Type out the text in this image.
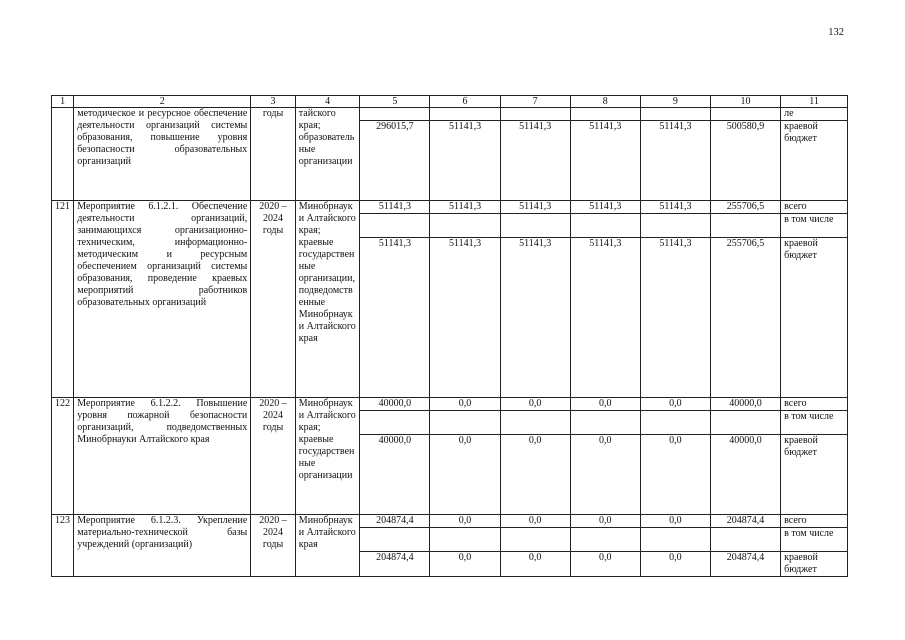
132
1	2	3	4	5	6	7	8	9	10	11
	методическое и ресурсное обеспечение деятельности организаций системы образования, повышение уровня безопасности образовательных организаций	годы	тайского края; образовательные организации							ле
				296015,7	51141,3	51141,3	51141,3	51141,3	500580,9	краевой бюджет
121	Мероприятие 6.1.2.1. Обеспечение деятельности организаций, занимающихся организационно-техническим, информационно-методическим и ресурсным обеспечением организаций системы образования, проведение краевых мероприятий работников образовательных организаций	2020 – 2024 годы	Минобрнауки Алтайского края; краевые государственные организации, подведомственные Минобрнауки Алтайского края	51141,3	51141,3	51141,3	51141,3	51141,3	255706,5	всего
										в том числе
				51141,3	51141,3	51141,3	51141,3	51141,3	255706,5	краевой бюджет
122	Мероприятие 6.1.2.2. Повышение уровня пожарной безопасности организаций, подведомственных Минобрнауки Алтайского края	2020 – 2024 годы	Минобрнауки Алтайского края; краевые государственные организации	40000,0	0,0	0,0	0,0	0,0	40000,0	всего
										в том числе
				40000,0	0,0	0,0	0,0	0,0	40000,0	краевой бюджет
123	Мероприятие 6.1.2.3. Укрепление материально-технической базы учреждений (организаций)	2020 – 2024 годы	Минобрнауки Алтайского края	204874,4	0,0	0,0	0,0	0,0	204874,4	всего
										в том числе
				204874,4	0,0	0,0	0,0	0,0	204874,4	краевой бюджет
